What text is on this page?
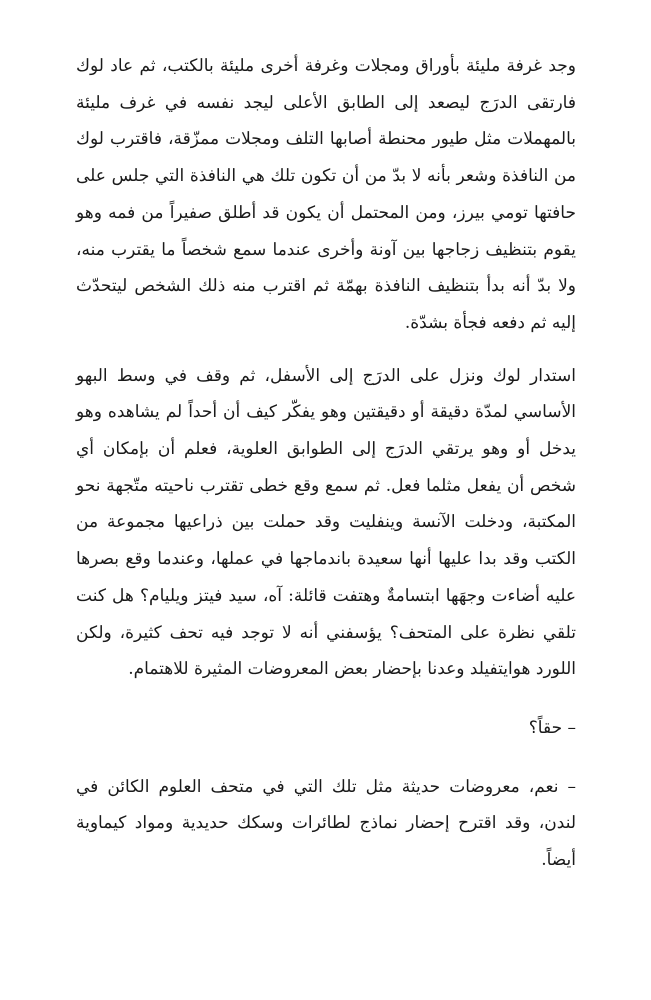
وجد غرفة مليئة بأوراق ومجلات وغرفة أخرى مليئة بالكتب، ثم عاد لوك فارتقى الدرَج ليصعد إلى الطابق الأعلى ليجد نفسه في غرف مليئة بالمهملات مثل طيور محنطة أصابها التلف ومجلات ممزّقة، فاقترب لوك من النافذة وشعر بأنه لا بدّ من أن تكون تلك هي النافذة التي جلس على حافتها تومي بيرز، ومن المحتمل أن يكون قد أطلق صفيراً من فمه وهو يقوم بتنظيف زجاجها بين آونة وأخرى عندما سمع شخصاً ما يقترب منه، ولا بدّ أنه بدأ بتنظيف النافذة بهمّة ثم اقترب منه ذلك الشخص ليتحدّث إليه ثم دفعه فجأة بشدّة.

استدار لوك ونزل على الدرَج إلى الأسفل، ثم وقف في وسط البهو الأساسي لمدّة دقيقة أو دقيقتين وهو يفكّر كيف أن أحداً لم يشاهده وهو يدخل أو وهو يرتقي الدرَج إلى الطوابق العلوية، فعلم أن بإمكان أي شخص أن يفعل مثلما فعل. ثم سمع وقع خطى تقترب ناحيته متّجهة نحو المكتبة، ودخلت الآنسة وينفليت وقد حملت بين ذراعيها مجموعة من الكتب وقد بدا عليها أنها سعيدة باندماجها في عملها، وعندما وقع بصرها عليه أضاءت وجهَها ابتسامةٌ وهتفت قائلة: آه، سيد فيتز ويليام؟ هل كنت تلقي نظرة على المتحف؟ يؤسفني أنه لا توجد فيه تحف كثيرة، ولكن اللورد هوايتفيلد وعدنا بإحضار بعض المعروضات المثيرة للاهتمام.

– حقاً؟

– نعم، معروضات حديثة مثل تلك التي في متحف العلوم الكائن في لندن، وقد اقترح إحضار نماذج لطائرات وسكك حديدية ومواد كيماوية أيضاً.
